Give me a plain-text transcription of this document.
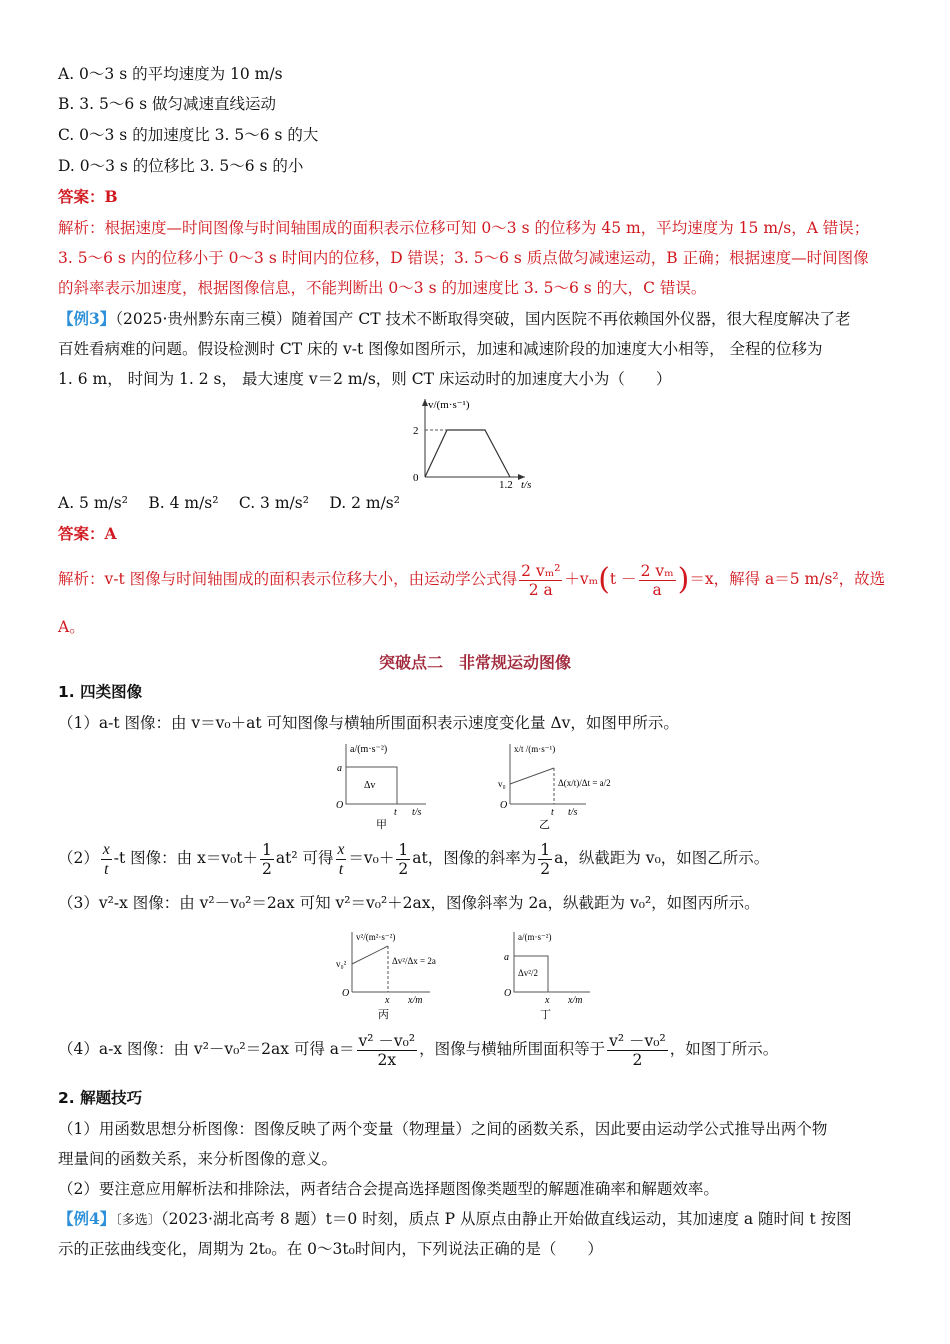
A. 0～3 s 的平均速度为 10 m/s
B. 3. 5～6 s 做匀减速直线运动
C. 0～3 s 的加速度比 3. 5～6 s 的大
D. 0～3 s 的位移比 3. 5～6 s 的小
答案：B
解析：根据速度—时间图像与时间轴围成的面积表示位移可知 0～3 s 的位移为 45 m，平均速度为 15 m/s，A 错误；
3. 5～6 s 内的位移小于 0～3 s 时间内的位移，D 错误；3. 5～6 s 质点做匀减速运动，B 正确；根据速度—时间图像
的斜率表示加速度，根据图像信息，不能判断出 0～3 s 的加速度比 3. 5～6 s 的大，C 错误。
【例3】（2025·贵州黔东南三模）随着国产 CT 技术不断取得突破，国内医院不再依赖国外仪器，很大程度解决了老
百姓看病难的问题。假设检测时 CT 床的 v-t 图像如图所示，加速和减速阶段的加速度大小相等， 全程的位移为
1. 6 m， 时间为 1. 2 s， 最大速度 v＝2 m/s，则 CT 床运动时的加速度大小为（　　）
v/(m·s⁻¹)
2
0
1.2 t/s
A. 5 m/s²　 B. 4 m/s²　 C. 3 m/s²　 D. 2 m/s²
答案：A
解析：v-t 图像与时间轴围成的面积表示位移大小，由运动学公式得 $\frac{\text{2 vₘ²}}{2 a} +v_m(t - \frac{\text{2 vₘ}}{a} )=x$，解得 a＝5 m/s²，故选
A。
突破点二　非常规运动图像
1. 四类图像
（1）a-t 图像：由 v＝v₀＋at 可知图像与横轴所围面积表示速度变化量 Δv，如图甲所示。
a/(m·s⁻²)
a
Δv
O
t t/s
甲
x/t /(m·s⁻¹)
v₀	Δ(x/t)/Δt = a/2
O
t t/s
乙
$(2) \frac{x}{t} -t$ 图像：由 $x=v_0t+ \frac{1}{2} at^2$ 可得 $\frac{x}{t} =v_0+ \frac{1}{2}$ at，图像的斜率为 $\frac{1}{2}$ a，纵截距为 v₀，如图乙所示。
（3）v²-x 图像：由 v²－v₀²＝2ax 可知 v²＝v₀²＋2ax，图像斜率为 2a，纵截距为 v₀²，如图丙所示。
v²/(m²·s⁻²)
v₀²	Δv²/Δx = 2a
O
x x/m
丙
a/(m·s⁻²)
a
Δv²/2
O
x x/m
丁
（4）a-x 图像：由 v²－v₀²＝2ax 可得 $a= \frac{\text{v² －v₀²}}{2x}$ ，图像与横轴所围面积等于 $\frac{\text{v² －v₀²}}{2}$ ，如图丁所示。
2. 解题技巧
（1）用函数思想分析图像：图像反映了两个变量（物理量）之间的函数关系，因此要由运动学公式推导出两个物
理量间的函数关系，来分析图像的意义。
（2）要注意应用解析法和排除法，两者结合会提高选择题图像类题型的解题准确率和解题效率。
【例4】〔多选〕（2023·湖北高考 8 题）t＝0 时刻，质点 P 从原点由静止开始做直线运动，其加速度 a 随时间 t 按图
示的正弦曲线变化，周期为 2t₀。在 0～3t₀时间内，下列说法正确的是（　　）
